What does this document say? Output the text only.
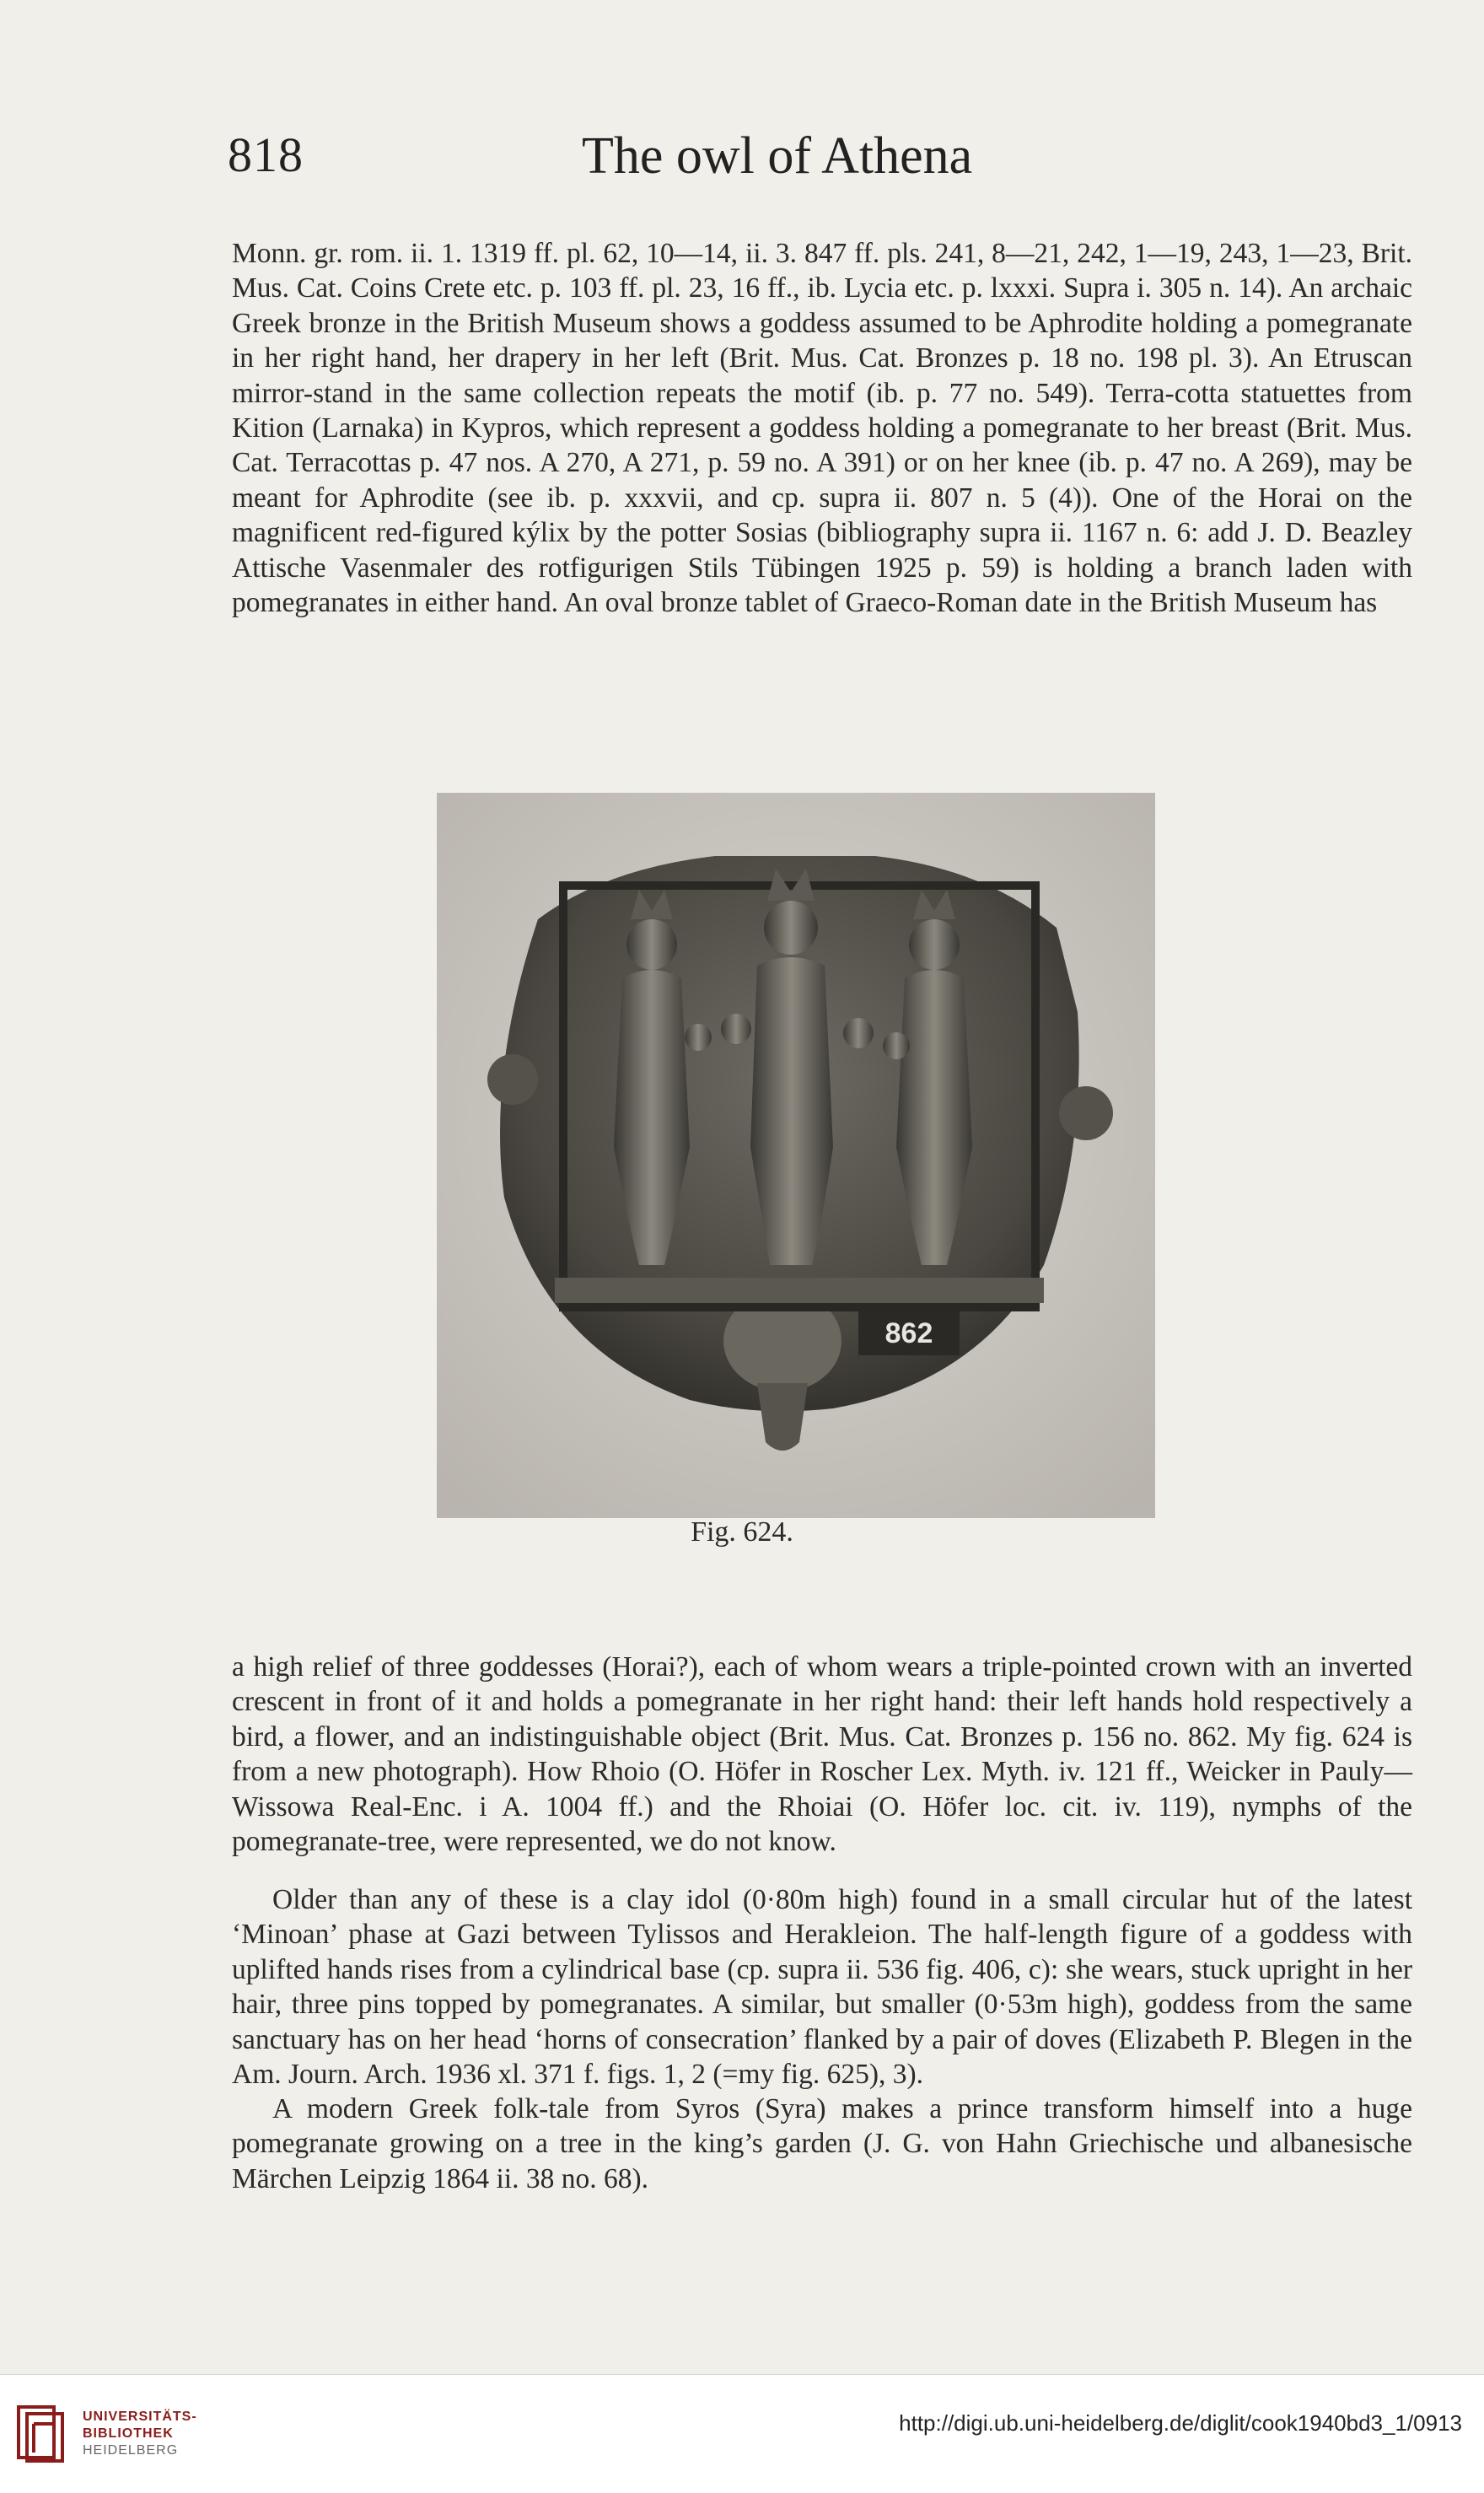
818	The owl of Athena

Monn. gr. rom. ii. 1. 1319 ff. pl. 62, 10—14, ii. 3. 847 ff. pls. 241, 8—21, 242, 1—19, 243, 1—23, Brit. Mus. Cat. Coins Crete etc. p. 103 ff. pl. 23, 16 ff., ib. Lycia etc. p. lxxxi. Supra i. 305 n. 14). An archaic Greek bronze in the British Museum shows a goddess assumed to be Aphrodite holding a pomegranate in her right hand, her drapery in her left (Brit. Mus. Cat. Bronzes p. 18 no. 198 pl. 3). An Etruscan mirror-stand in the same collection repeats the motif (ib. p. 77 no. 549). Terra-cotta statuettes from Kition (Larnaka) in Kypros, which represent a goddess holding a pomegranate to her breast (Brit. Mus. Cat. Terracottas p. 47 nos. A 270, A 271, p. 59 no. A 391) or on her knee (ib. p. 47 no. A 269), may be meant for Aphrodite (see ib. p. xxxvii, and cp. supra ii. 807 n. 5 (4)). One of the Horai on the magnificent red-figured kýlix by the potter Sosias (bibliography supra ii. 1167 n. 6: add J. D. Beazley Attische Vasenmaler des rotfigurigen Stils Tübingen 1925 p. 59) is holding a branch laden with pomegranates in either hand. An oval bronze tablet of Graeco-Roman date in the British Museum has

862
Fig. 624.

a high relief of three goddesses (Horai?), each of whom wears a triple-pointed crown with an inverted crescent in front of it and holds a pomegranate in her right hand: their left hands hold respectively a bird, a flower, and an indistinguishable object (Brit. Mus. Cat. Bronzes p. 156 no. 862. My fig. 624 is from a new photograph). How Rhoio (O. Höfer in Roscher Lex. Myth. iv. 121 ff., Weicker in Pauly—Wissowa Real-Enc. i A. 1004 ff.) and the Rhoiai (O. Höfer loc. cit. iv. 119), nymphs of the pomegranate-tree, were represented, we do not know.

Older than any of these is a clay idol (0·80m high) found in a small circular hut of the latest ‘Minoan’ phase at Gazi between Tylissos and Herakleion. The half-length figure of a goddess with uplifted hands rises from a cylindrical base (cp. supra ii. 536 fig. 406, c): she wears, stuck upright in her hair, three pins topped by pomegranates. A similar, but smaller (0·53m high), goddess from the same sanctuary has on her head ‘horns of consecration’ flanked by a pair of doves (Elizabeth P. Blegen in the Am. Journ. Arch. 1936 xl. 371 f. figs. 1, 2 (=my fig. 625), 3).

A modern Greek folk-tale from Syros (Syra) makes a prince transform himself into a huge pomegranate growing on a tree in the king’s garden (J. G. von Hahn Griechische und albanesische Märchen Leipzig 1864 ii. 38 no. 68).

UNIVERSITÄTS-
BIBLIOTHEK
HEIDELBERG
http://digi.ub.uni-heidelberg.de/diglit/cook1940bd3_1/0913
